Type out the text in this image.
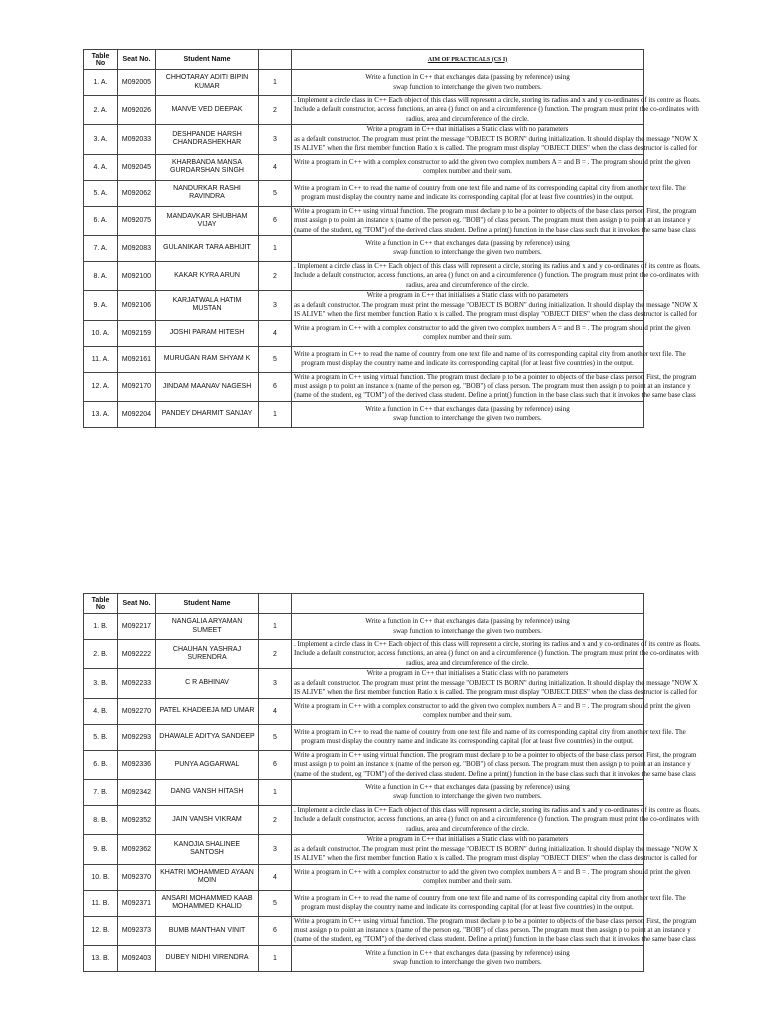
Table No	Seat No.	Student Name		AIM OF PRACTICALS (CS I)
1. A.	M092005	CHHOTARAY ADITI BIPIN KUMAR	1	Write a function in C++ that exchanges data (passing by reference) using
swap function to interchange the given two numbers.

2. A.	M092026	MANVE VED DEEPAK	2	. Implement a circle class in C++ Each object of this class will represent a circle, storing its radius and x and y co-ordinates of its centre as floats.
Include a default constructor, access functions, an area () funct on and a circumference () function. The program must print the co-ordinates with
radius, area and circumference of the circle.

3. A.	M092033	DESHPANDE HARSH CHANDRASHEKHAR	3	Write a program in C++ that initialises a Static class with no parameters
as a default constructor. The program must print the message "OBJECT IS BORN" during initialization. It should display the message "NOW X
IS ALIVE" when the first member function Ratio x is called. The program must display "OBJECT DIES" when the class destructor is called for

4. A.	M092045	KHARBANDA MANSA GURDARSHAN SINGH	4	Write a program in C++ with a complex constructor to add the given two complex numbers A = and B = . The program should print the given
complex number and their sum.

5. A.	M092062	NANDURKAR RASHI RAVINDRA	5	Write a program in C++ to read the name of country from one text file and name of its corresponding capital city from another text file. The
program must display the country name and indicate its corresponding capital (for at least five countries) in the output.

6. A.	M092075	MANDAVKAR SHUBHAM VIJAY	6	Write a program in C++ using virtual function. The program must declare p to be a pointer to objects of the base class person First, the program
must assign p to point an instance x (name of the person eg. "BOB") of class person. The program must then assign p to point at an instance y
(name of the student, eg "TOM") of the derived class student. Define a print() function in the base class such that it invokes the same base class

7. A.	M092083	GULANIKAR TARA ABHIJIT	1	Write a function in C++ that exchanges data (passing by reference) using
swap function to interchange the given two numbers.

8. A.	M092100	KAKAR KYRA ARUN	2	. Implement a circle class in C++ Each object of this class will represent a circle, storing its radius and x and y co-ordinates of its centre as floats.
Include a default constructor, access functions, an area () funct on and a circumference () function. The program must print the co-ordinates with
radius, area and circumference of the circle.

9. A.	M092106	KARJATWALA HATIM MUSTAN	3	Write a program in C++ that initialises a Static class with no parameters
as a default constructor. The program must print the message "OBJECT IS BORN" during initialization. It should display the message "NOW X
IS ALIVE" when the first member function Ratio x is called. The program must display "OBJECT DIES" when the class destructor is called for

10. A.	M092159	JOSHI PARAM HITESH	4	Write a program in C++ with a complex constructor to add the given two complex numbers A = and B = . The program should print the given
complex number and their sum.

11. A.	M092161	MURUGAN RAM SHYAM K	5	Write a program in C++ to read the name of country from one text file and name of its corresponding capital city from another text file. The
program must display the country name and indicate its corresponding capital (for at least five countries) in the output.

12. A.	M092170	JINDAM MAANAV NAGESH	6	Write a program in C++ using virtual function. The program must declare p to be a pointer to objects of the base class person First, the program
must assign p to point an instance x (name of the person eg. "BOB") of class person. The program must then assign p to point at an instance y
(name of the student, eg "TOM") of the derived class student. Define a print() function in the base class such that it invokes the same base class

13. A.	M092204	PANDEY DHARMIT SANJAY	1	Write a function in C++ that exchanges data (passing by reference) using
swap function to interchange the given two numbers.
Table No	Seat No.	Student Name		
1. B.	M092217	NANGALIA ARYAMAN SUMEET	1	Write a function in C++ that exchanges data (passing by reference) using
swap function to interchange the given two numbers.

2. B.	M092222	CHAUHAN YASHRAJ SURENDRA	2	. Implement a circle class in C++ Each object of this class will represent a circle, storing its radius and x and y co-ordinates of its centre as floats.
Include a default constructor, access functions, an area () funct on and a circumference () function. The program must print the co-ordinates with
radius, area and circumference of the circle.

3. B.	M092233	C R ABHINAV	3	Write a program in C++ that initialises a Static class with no parameters
as a default constructor. The program must print the message "OBJECT IS BORN" during initialization. It should display the message "NOW X
IS ALIVE" when the first member function Ratio x is called. The program must display "OBJECT DIES" when the class destructor is called for

4. B.	M092270	PATEL KHADEEJA MD UMAR	4	Write a program in C++ with a complex constructor to add the given two complex numbers A = and B = . The program should print the given
complex number and their sum.

5. B.	M092293	DHAWALE ADITYA SANDEEP	5	Write a program in C++ to read the name of country from one text file and name of its corresponding capital city from another text file. The
program must display the country name and indicate its corresponding capital (for at least five countries) in the output.

6. B.	M092336	PUNYA AGGARWAL	6	Write a program in C++ using virtual function. The program must declare p to be a pointer to objects of the base class person First, the program
must assign p to point an instance x (name of the person eg. "BOB") of class person. The program must then assign p to point at an instance y
(name of the student, eg "TOM") of the derived class student. Define a print() function in the base class such that it invokes the same base class

7. B.	M092342	DANG VANSH HITASH	1	Write a function in C++ that exchanges data (passing by reference) using
swap function to interchange the given two numbers.

8. B.	M092352	JAIN VANSH VIKRAM	2	. Implement a circle class in C++ Each object of this class will represent a circle, storing its radius and x and y co-ordinates of its centre as floats.
Include a default constructor, access functions, an area () funct on and a circumference () function. The program must print the co-ordinates with
radius, area and circumference of the circle.

9. B.	M092362	KANOJIA SHALINEE SANTOSH	3	Write a program in C++ that initialises a Static class with no parameters
as a default constructor. The program must print the message "OBJECT IS BORN" during initialization. It should display the message "NOW X
IS ALIVE" when the first member function Ratio x is called. The program must display "OBJECT DIES" when the class destructor is called for

10. B.	M092370	KHATRI MOHAMMED AYAAN MOIN	4	Write a program in C++ with a complex constructor to add the given two complex numbers A = and B = . The program should print the given
complex number and their sum.

11. B.	M092371	ANSARI MOHAMMED KAAB MOHAMMED KHALID	5	Write a program in C++ to read the name of country from one text file and name of its corresponding capital city from another text file. The
program must display the country name and indicate its corresponding capital (for at least five countries) in the output.

12. B.	M092373	BUMB MANTHAN VINIT	6	Write a program in C++ using virtual function. The program must declare p to be a pointer to objects of the base class person First, the program
must assign p to point an instance x (name of the person eg. "BOB") of class person. The program must then assign p to point at an instance y
(name of the student, eg "TOM") of the derived class student. Define a print() function in the base class such that it invokes the same base class

13. B.	M092403	DUBEY NIDHI VIRENDRA	1	Write a function in C++ that exchanges data (passing by reference) using
swap function to interchange the given two numbers.
